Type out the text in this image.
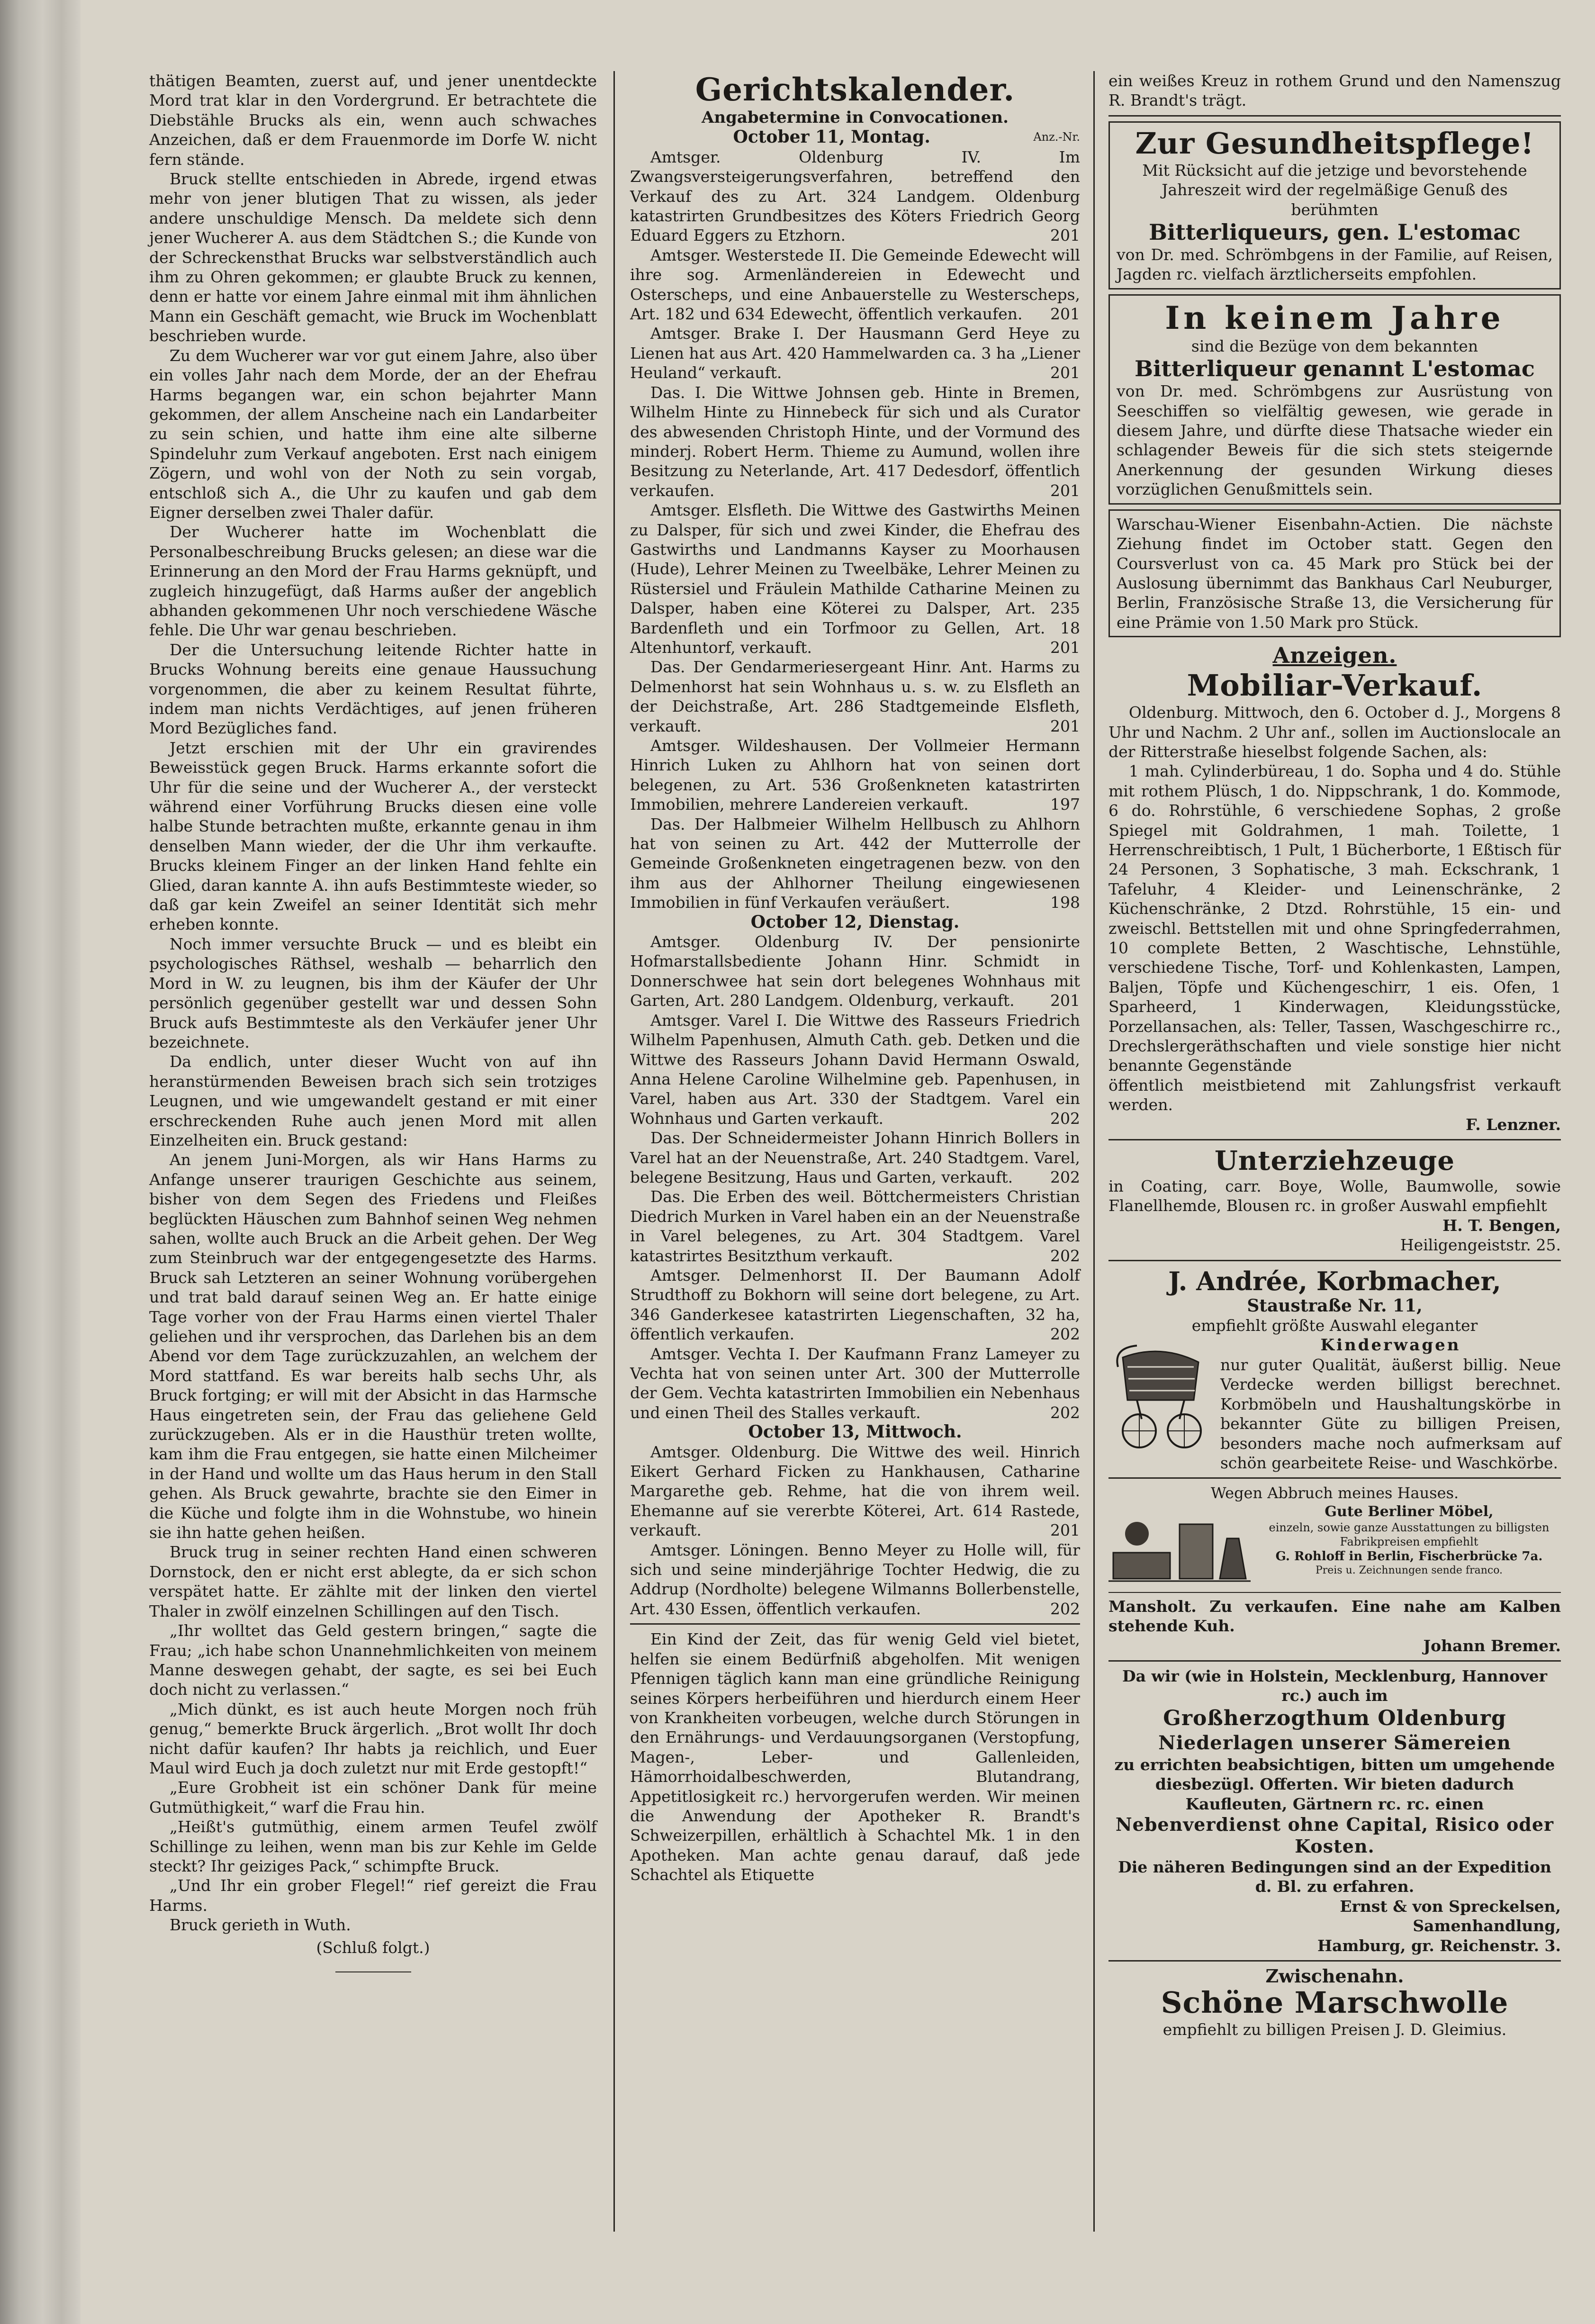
thätigen Beamten, zuerst auf, und jener unentdeckte Mord trat klar in den Vordergrund. Er betrachtete die Diebstähle Brucks als ein, wenn auch schwaches Anzeichen, daß er dem Frauenmorde im Dorfe W. nicht fern stände.

Bruck stellte entschieden in Abrede, irgend etwas mehr von jener blutigen That zu wissen, als jeder andere unschuldige Mensch. Da meldete sich denn jener Wucherer A. aus dem Städtchen S.; die Kunde von der Schreckensthat Brucks war selbstverständlich auch ihm zu Ohren gekommen; er glaubte Bruck zu kennen, denn er hatte vor einem Jahre einmal mit ihm ähnlichen Mann ein Geschäft gemacht, wie Bruck im Wochenblatt beschrieben wurde.

Zu dem Wucherer war vor gut einem Jahre, also über ein volles Jahr nach dem Morde, der an der Ehefrau Harms begangen war, ein schon bejahrter Mann gekommen, der allem Anscheine nach ein Landarbeiter zu sein schien, und hatte ihm eine alte silberne Spindeluhr zum Verkauf angeboten. Erst nach einigem Zögern, und wohl von der Noth zu sein vorgab, entschloß sich A., die Uhr zu kaufen und gab dem Eigner derselben zwei Thaler dafür.

Der Wucherer hatte im Wochenblatt die Personalbeschreibung Brucks gelesen; an diese war die Erinnerung an den Mord der Frau Harms geknüpft, und zugleich hinzugefügt, daß Harms außer der angeblich abhanden gekommenen Uhr noch verschiedene Wäsche fehle. Die Uhr war genau beschrieben.

Der die Untersuchung leitende Richter hatte in Brucks Wohnung bereits eine genaue Haussuchung vorgenommen, die aber zu keinem Resultat führte, indem man nichts Verdächtiges, auf jenen früheren Mord Bezügliches fand.

Jetzt erschien mit der Uhr ein gravirendes Beweisstück gegen Bruck. Harms erkannte sofort die Uhr für die seine und der Wucherer A., der versteckt während einer Vorführung Brucks diesen eine volle halbe Stunde betrachten mußte, erkannte genau in ihm denselben Mann wieder, der die Uhr ihm verkaufte. Brucks kleinem Finger an der linken Hand fehlte ein Glied, daran kannte A. ihn aufs Bestimmteste wieder, so daß gar kein Zweifel an seiner Identität sich mehr erheben konnte.

Noch immer versuchte Bruck — und es bleibt ein psychologisches Räthsel, weshalb — beharrlich den Mord in W. zu leugnen, bis ihm der Käufer der Uhr persönlich gegenüber gestellt war und dessen Sohn Bruck aufs Bestimmteste als den Verkäufer jener Uhr bezeichnete.

Da endlich, unter dieser Wucht von auf ihn heranstürmenden Beweisen brach sich sein trotziges Leugnen, und wie umgewandelt gestand er mit einer erschreckenden Ruhe auch jenen Mord mit allen Einzelheiten ein. Bruck gestand:

An jenem Juni-Morgen, als wir Hans Harms zu Anfange unserer traurigen Geschichte aus seinem, bisher von dem Segen des Friedens und Fleißes beglückten Häuschen zum Bahnhof seinen Weg nehmen sahen, wollte auch Bruck an die Arbeit gehen. Der Weg zum Steinbruch war der entgegengesetzte des Harms. Bruck sah Letzteren an seiner Wohnung vorübergehen und trat bald darauf seinen Weg an. Er hatte einige Tage vorher von der Frau Harms einen viertel Thaler geliehen und ihr versprochen, das Darlehen bis an dem Abend vor dem Tage zurückzuzahlen, an welchem der Mord stattfand. Es war bereits halb sechs Uhr, als Bruck fortging; er will mit der Absicht in das Harmsche Haus eingetreten sein, der Frau das geliehene Geld zurückzugeben. Als er in die Hausthür treten wollte, kam ihm die Frau entgegen, sie hatte einen Milcheimer in der Hand und wollte um das Haus herum in den Stall gehen. Als Bruck gewahrte, brachte sie den Eimer in die Küche und folgte ihm in die Wohnstube, wo hinein sie ihn hatte gehen heißen.

Bruck trug in seiner rechten Hand einen schweren Dornstock, den er nicht erst ablegte, da er sich schon verspätet hatte. Er zählte mit der linken den viertel Thaler in zwölf einzelnen Schillingen auf den Tisch.

„Ihr wolltet das Geld gestern bringen,“ sagte die Frau; „ich habe schon Unannehmlichkeiten von meinem Manne deswegen gehabt, der sagte, es sei bei Euch doch nicht zu verlassen.“

„Mich dünkt, es ist auch heute Morgen noch früh genug,“ bemerkte Bruck ärgerlich. „Brot wollt Ihr doch nicht dafür kaufen? Ihr habts ja reichlich, und Euer Maul wird Euch ja doch zuletzt nur mit Erde gestopft!“

„Eure Grobheit ist ein schöner Dank für meine Gutmüthigkeit,“ warf die Frau hin.

„Heißt's gutmüthig, einem armen Teufel zwölf Schillinge zu leihen, wenn man bis zur Kehle im Gelde steckt? Ihr geiziges Pack,“ schimpfte Bruck.

„Und Ihr ein grober Flegel!“ rief gereizt die Frau Harms.

Bruck gerieth in Wuth.

(Schluß folgt.)

Gerichtskalender.
Angabetermine in Convocationen.
October 11, Montag.	Anz.-Nr.

Amtsger. Oldenburg IV. Im Zwangsversteigerungsverfahren, betreffend den Verkauf des zu Art. 324 Landgem. Oldenburg katastrirten Grundbesitzes des Köters Friedrich Georg Eduard Eggers zu Etzhorn.	201

Amtsger. Westerstede II. Die Gemeinde Edewecht will ihre sog. Armenländereien in Edewecht und Osterscheps, und eine Anbauerstelle zu Westerscheps, Art. 182 und 634 Edewecht, öffentlich verkaufen.	201

Amtsger. Brake I. Der Hausmann Gerd Heye zu Lienen hat aus Art. 420 Hammelwarden ca. 3 ha „Liener Heuland“ verkauft.	201

Das. I. Die Wittwe Johnsen geb. Hinte in Bremen, Wilhelm Hinte zu Hinnebeck für sich und als Curator des abwesenden Christoph Hinte, und der Vormund des minderj. Robert Herm. Thieme zu Aumund, wollen ihre Besitzung zu Neterlande, Art. 417 Dedesdorf, öffentlich verkaufen.	201

Amtsger. Elsfleth. Die Wittwe des Gastwirths Meinen zu Dalsper, für sich und zwei Kinder, die Ehefrau des Gastwirths und Landmanns Kayser zu Moorhausen (Hude), Lehrer Meinen zu Tweelbäke, Lehrer Meinen zu Rüstersiel und Fräulein Mathilde Catharine Meinen zu Dalsper, haben eine Köterei zu Dalsper, Art. 235 Bardenfleth und ein Torfmoor zu Gellen, Art. 18 Altenhuntorf, verkauft.	201

Das. Der Gendarmeriesergeant Hinr. Ant. Harms zu Delmenhorst hat sein Wohnhaus u. s. w. zu Elsfleth an der Deichstraße, Art. 286 Stadtgemeinde Elsfleth, verkauft.	201

Amtsger. Wildeshausen. Der Vollmeier Hermann Hinrich Luken zu Ahlhorn hat von seinen dort belegenen, zu Art. 536 Großenkneten katastrirten Immobilien, mehrere Landereien verkauft.	197

Das. Der Halbmeier Wilhelm Hellbusch zu Ahlhorn hat von seinen zu Art. 442 der Mutterrolle der Gemeinde Großenkneten eingetragenen bezw. von den ihm aus der Ahlhorner Theilung eingewiesenen Immobilien in fünf Verkaufen veräußert.	198

October 12, Dienstag.

Amtsger. Oldenburg IV. Der pensionirte Hofmarstallsbediente Johann Hinr. Schmidt in Donnerschwee hat sein dort belegenes Wohnhaus mit Garten, Art. 280 Landgem. Oldenburg, verkauft.	201

Amtsger. Varel I. Die Wittwe des Rasseurs Friedrich Wilhelm Papenhusen, Almuth Cath. geb. Detken und die Wittwe des Rasseurs Johann David Hermann Oswald, Anna Helene Caroline Wilhelmine geb. Papenhusen, in Varel, haben aus Art. 330 der Stadtgem. Varel ein Wohnhaus und Garten verkauft.	202

Das. Der Schneidermeister Johann Hinrich Bollers in Varel hat an der Neuenstraße, Art. 240 Stadtgem. Varel, belegene Besitzung, Haus und Garten, verkauft.	202

Das. Die Erben des weil. Böttchermeisters Christian Diedrich Murken in Varel haben ein an der Neuenstraße in Varel belegenes, zu Art. 304 Stadtgem. Varel katastrirtes Besitzthum verkauft.	202

Amtsger. Delmenhorst II. Der Baumann Adolf Strudthoff zu Bokhorn will seine dort belegene, zu Art. 346 Ganderkesee katastrirten Liegenschaften, 32 ha, öffentlich verkaufen.	202

Amtsger. Vechta I. Der Kaufmann Franz Lameyer zu Vechta hat von seinen unter Art. 300 der Mutterrolle der Gem. Vechta katastrirten Immobilien ein Nebenhaus und einen Theil des Stalles verkauft.	202

October 13, Mittwoch.

Amtsger. Oldenburg. Die Wittwe des weil. Hinrich Eikert Gerhard Ficken zu Hankhausen, Catharine Margarethe geb. Rehme, hat die von ihrem weil. Ehemanne auf sie vererbte Köterei, Art. 614 Rastede, verkauft.	201

Amtsger. Löningen. Benno Meyer zu Holle will, für sich und seine minderjährige Tochter Hedwig, die zu Addrup (Nordholte) belegene Wilmanns Bollerbenstelle, Art. 430 Essen, öffentlich verkaufen.	202

Ein Kind der Zeit, das für wenig Geld viel bietet, helfen sie einem Bedürfniß abgeholfen. Mit wenigen Pfennigen täglich kann man eine gründliche Reinigung seines Körpers herbeiführen und hierdurch einem Heer von Krankheiten vorbeugen, welche durch Störungen in den Ernährungs- und Verdauungsorganen (Verstopfung, Magen-, Leber- und Gallenleiden, Hämorrhoidalbeschwerden, Blutandrang, Appetitlosigkeit rc.) hervorgerufen werden. Wir meinen die Anwendung der Apotheker R. Brandt's Schweizerpillen, erhältlich à Schachtel Mk. 1 in den Apotheken. Man achte genau darauf, daß jede Schachtel als Etiquette

ein weißes Kreuz in rothem Grund und den Namenszug R. Brandt's trägt.

Zur Gesundheitspflege!

Mit Rücksicht auf die jetzige und bevorstehende Jahreszeit wird der regelmäßige Genuß des berühmten

Bitterliqueurs, gen. L'estomac

von Dr. med. Schrömbgens in der Familie, auf Reisen, Jagden rc. vielfach ärztlicherseits empfohlen.

In keinem Jahre

sind die Bezüge von dem bekannten

Bitterliqueur genannt L'estomac

von Dr. med. Schrömbgens zur Ausrüstung von Seeschiffen so vielfältig gewesen, wie gerade in diesem Jahre, und dürfte diese Thatsache wieder ein schlagender Beweis für die sich stets steigernde Anerkennung der gesunden Wirkung dieses vorzüglichen Genußmittels sein.

Warschau-Wiener Eisenbahn-Actien. Die nächste Ziehung findet im October statt. Gegen den Coursverlust von ca. 45 Mark pro Stück bei der Auslosung übernimmt das Bankhaus Carl Neuburger, Berlin, Französische Straße 13, die Versicherung für eine Prämie von 1.50 Mark pro Stück.

Anzeigen.
Mobiliar-Verkauf.

Oldenburg. Mittwoch, den 6. October d. J., Morgens 8 Uhr und Nachm. 2 Uhr anf., sollen im Auctionslocale an der Ritterstraße hieselbst folgende Sachen, als:

1 mah. Cylinderbüreau, 1 do. Sopha und 4 do. Stühle mit rothem Plüsch, 1 do. Nippschrank, 1 do. Kommode, 6 do. Rohrstühle, 6 verschiedene Sophas, 2 große Spiegel mit Goldrahmen, 1 mah. Toilette, 1 Herrenschreibtisch, 1 Pult, 1 Bücherborte, 1 Eßtisch für 24 Personen, 3 Sophatische, 3 mah. Eckschrank, 1 Tafeluhr, 4 Kleider- und Leinenschränke, 2 Küchenschränke, 2 Dtzd. Rohrstühle, 15 ein- und zweischl. Bettstellen mit und ohne Springfederrahmen, 10 complete Betten, 2 Waschtische, Lehnstühle, verschiedene Tische, Torf- und Kohlenkasten, Lampen, Baljen, Töpfe und Küchengeschirr, 1 eis. Ofen, 1 Sparheerd, 1 Kinderwagen, Kleidungsstücke, Porzellansachen, als: Teller, Tassen, Waschgeschirre rc., Drechslergeräthschaften und viele sonstige hier nicht benannte Gegenstände

öffentlich meistbietend mit Zahlungsfrist verkauft werden.

F. Lenzner.

Unterziehzeuge

in Coating, carr. Boye, Wolle, Baumwolle, sowie Flanellhemde, Blousen rc. in großer Auswahl empfiehlt

H. T. Bengen,

Heiligengeiststr. 25.

J. Andrée, Korbmacher,
Staustraße Nr. 11,

empfiehlt größte Auswahl eleganter

Kinderwagen

nur guter Qualität, äußerst billig. Neue Verdecke werden billigst berechnet. Korbmöbeln und Haushaltungskörbe in bekannter Güte zu billigen Preisen, besonders mache noch aufmerksam auf schön gearbeitete Reise- und Waschkörbe.

Wegen Abbruch meines Hauses.
Gute Berliner Möbel,
einzeln, sowie ganze Ausstattungen zu billigsten Fabrikpreisen empfiehlt
G. Rohloff in Berlin, Fischerbrücke 7a.
Preis u. Zeichnungen sende franco.

Mansholt. Zu verkaufen. Eine nahe am Kalben stehende Kuh.

Johann Bremer.

Da wir (wie in Holstein, Mecklenburg, Hannover rc.) auch im
Großherzogthum Oldenburg
Niederlagen unserer Sämereien

zu errichten beabsichtigen, bitten um umgehende diesbezügl. Offerten. Wir bieten dadurch Kaufleuten, Gärtnern rc. rc. einen

Nebenverdienst ohne Capital, Risico oder Kosten.

Die näheren Bedingungen sind an der Expedition d. Bl. zu erfahren.

Ernst & von Spreckelsen,

Samenhandlung,

Hamburg, gr. Reichenstr. 3.

Zwischenahn.
Schöne Marschwolle

empfiehlt zu billigen Preisen J. D. Gleimius.
